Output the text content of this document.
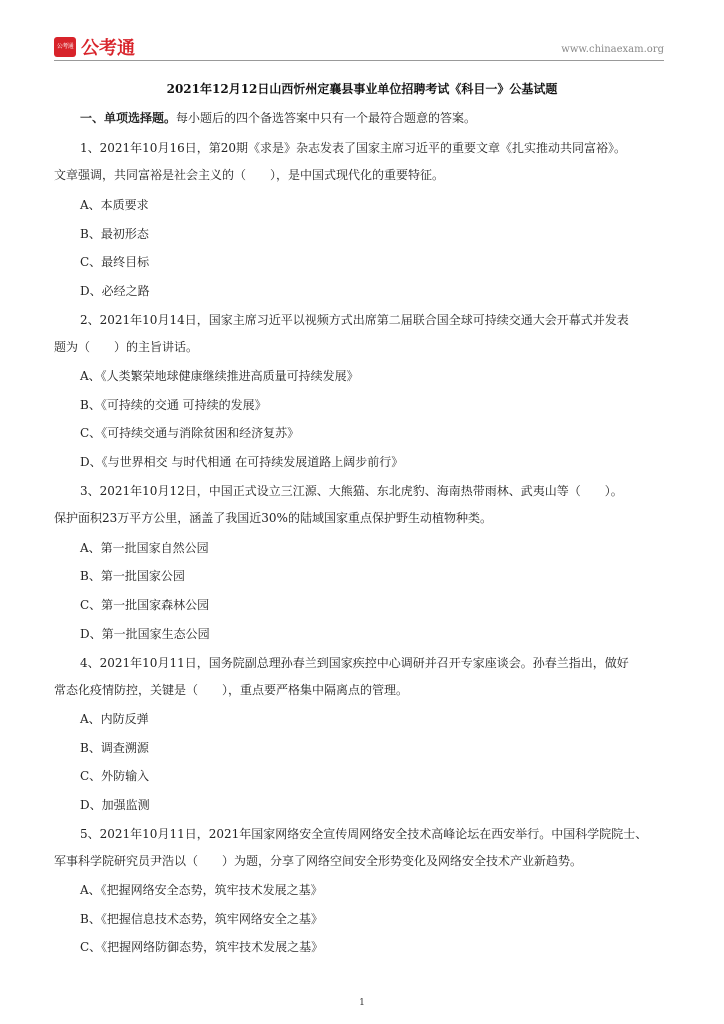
公考通 公考通	www.chinaexam.org
2021年12月12日山西忻州定襄县事业单位招聘考试《科目一》公基试题
一、单项选择题。每小题后的四个备选答案中只有一个最符合题意的答案。
1、2021年10月16日，第20期《求是》杂志发表了国家主席习近平的重要文章《扎实推动共同富裕》。
文章强调，共同富裕是社会主义的（　　），是中国式现代化的重要特征。
A、本质要求
B、最初形态
C、最终目标
D、必经之路
2、2021年10月14日，国家主席习近平以视频方式出席第二届联合国全球可持续交通大会开幕式并发表
题为（　　）的主旨讲话。
A、《人类繁荣地球健康继续推进高质量可持续发展》
B、《可持续的交通 可持续的发展》
C、《可持续交通与消除贫困和经济复苏》
D、《与世界相交 与时代相通 在可持续发展道路上阔步前行》
3、2021年10月12日，中国正式设立三江源、大熊猫、东北虎豹、海南热带雨林、武夷山等（　　）。
保护面积23万平方公里，涵盖了我国近30%的陆域国家重点保护野生动植物种类。
A、第一批国家自然公园
B、第一批国家公园
C、第一批国家森林公园
D、第一批国家生态公园
4、2021年10月11日，国务院副总理孙春兰到国家疾控中心调研并召开专家座谈会。孙春兰指出，做好
常态化疫情防控，关键是（　　），重点要严格集中隔离点的管理。
A、内防反弹
B、调查溯源
C、外防输入
D、加强监测
5、2021年10月11日，2021年国家网络安全宣传周网络安全技术高峰论坛在西安举行。中国科学院院士、
军事科学院研究员尹浩以（　　）为题，分享了网络空间安全形势变化及网络安全技术产业新趋势。
A、《把握网络安全态势，筑牢技术发展之基》
B、《把握信息技术态势，筑牢网络安全之基》
C、《把握网络防御态势，筑牢技术发展之基》
1
